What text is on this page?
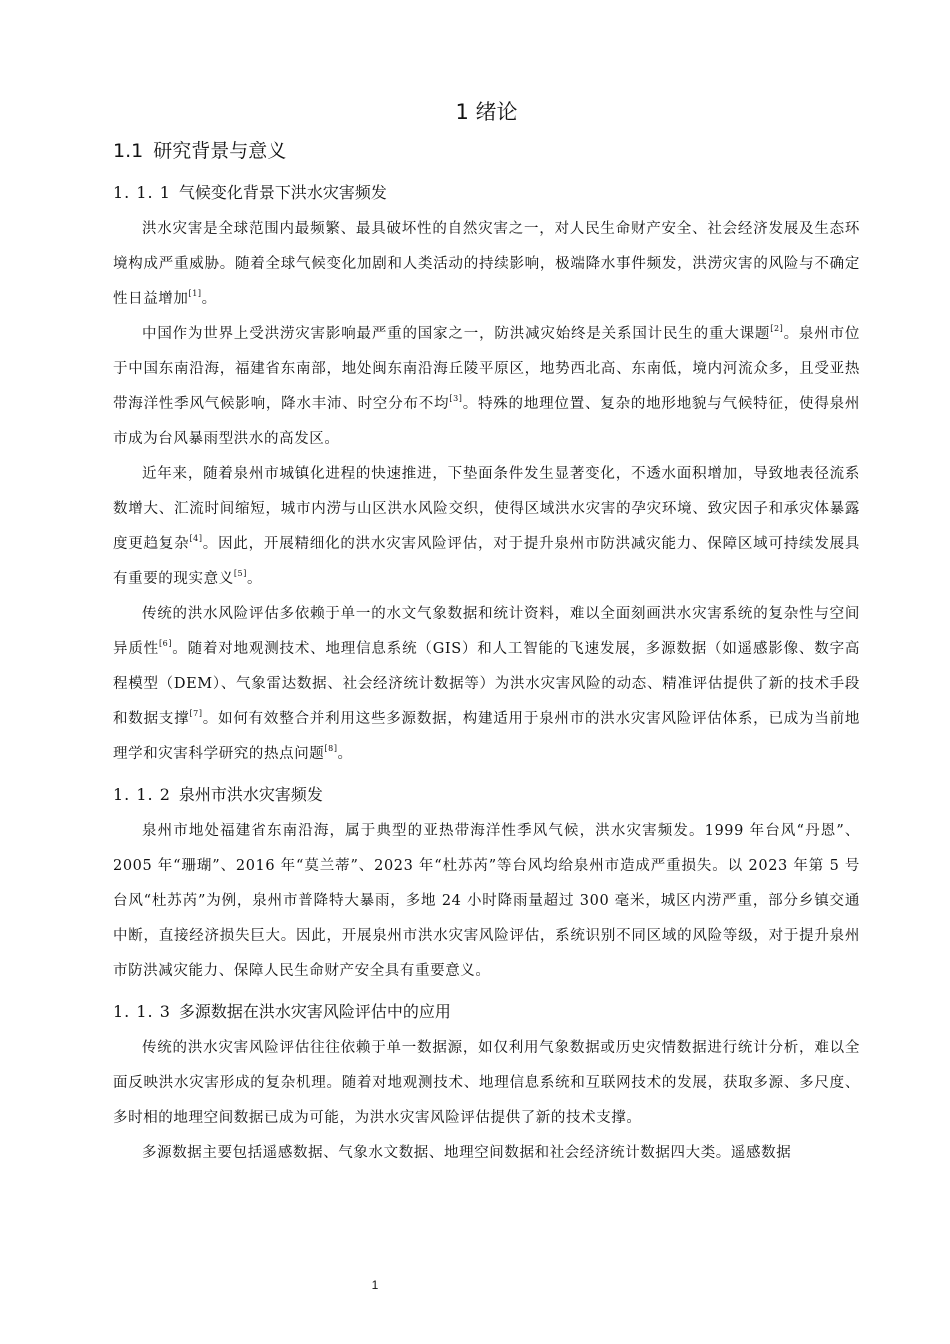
1 绪论
1.1 研究背景与意义
1. 1. 1 气候变化背景下洪水灾害频发

洪水灾害是全球范围内最频繁、最具破坏性的自然灾害之一，对人民生命财产安全、社会经济发展及生态环境构成严重威胁。随着全球气候变化加剧和人类活动的持续影响，极端降水事件频发，洪涝灾害的风险与不确定性日益增加[1]。

中国作为世界上受洪涝灾害影响最严重的国家之一，防洪减灾始终是关系国计民生的重大课题[2]。泉州市位于中国东南沿海，福建省东南部，地处闽东南沿海丘陵平原区，地势西北高、东南低，境内河流众多，且受亚热带海洋性季风气候影响，降水丰沛、时空分布不均[3]。特殊的地理位置、复杂的地形地貌与气候特征，使得泉州市成为台风暴雨型洪水的高发区。

近年来，随着泉州市城镇化进程的快速推进，下垫面条件发生显著变化，不透水面积增加，导致地表径流系数增大、汇流时间缩短，城市内涝与山区洪水风险交织，使得区域洪水灾害的孕灾环境、致灾因子和承灾体暴露度更趋复杂[4]。因此，开展精细化的洪水灾害风险评估，对于提升泉州市防洪减灾能力、保障区域可持续发展具有重要的现实意义[5]。

传统的洪水风险评估多依赖于单一的水文气象数据和统计资料，难以全面刻画洪水灾害系统的复杂性与空间异质性[6]。随着对地观测技术、地理信息系统（GIS）和人工智能的飞速发展，多源数据（如遥感影像、数字高程模型（DEM）、气象雷达数据、社会经济统计数据等）为洪水灾害风险的动态、精准评估提供了新的技术手段和数据支撑[7]。如何有效整合并利用这些多源数据，构建适用于泉州市的洪水灾害风险评估体系，已成为当前地理学和灾害科学研究的热点问题[8]。

1. 1. 2 泉州市洪水灾害频发

泉州市地处福建省东南沿海，属于典型的亚热带海洋性季风气候，洪水灾害频发。1999 年台风“丹恩”、2005 年“珊瑚”、2016 年“莫兰蒂”、2023 年“杜苏芮”等台风均给泉州市造成严重损失。以 2023 年第 5 号台风“杜苏芮”为例，泉州市普降特大暴雨，多地 24 小时降雨量超过 300 毫米，城区内涝严重，部分乡镇交通中断，直接经济损失巨大。因此，开展泉州市洪水灾害风险评估，系统识别不同区域的风险等级，对于提升泉州市防洪减灾能力、保障人民生命财产安全具有重要意义。

1. 1. 3 多源数据在洪水灾害风险评估中的应用

传统的洪水灾害风险评估往往依赖于单一数据源，如仅利用气象数据或历史灾情数据进行统计分析，难以全面反映洪水灾害形成的复杂机理。随着对地观测技术、地理信息系统和互联网技术的发展，获取多源、多尺度、多时相的地理空间数据已成为可能，为洪水灾害风险评估提供了新的技术支撑。

多源数据主要包括遥感数据、气象水文数据、地理空间数据和社会经济统计数据四大类。遥感数据

1
